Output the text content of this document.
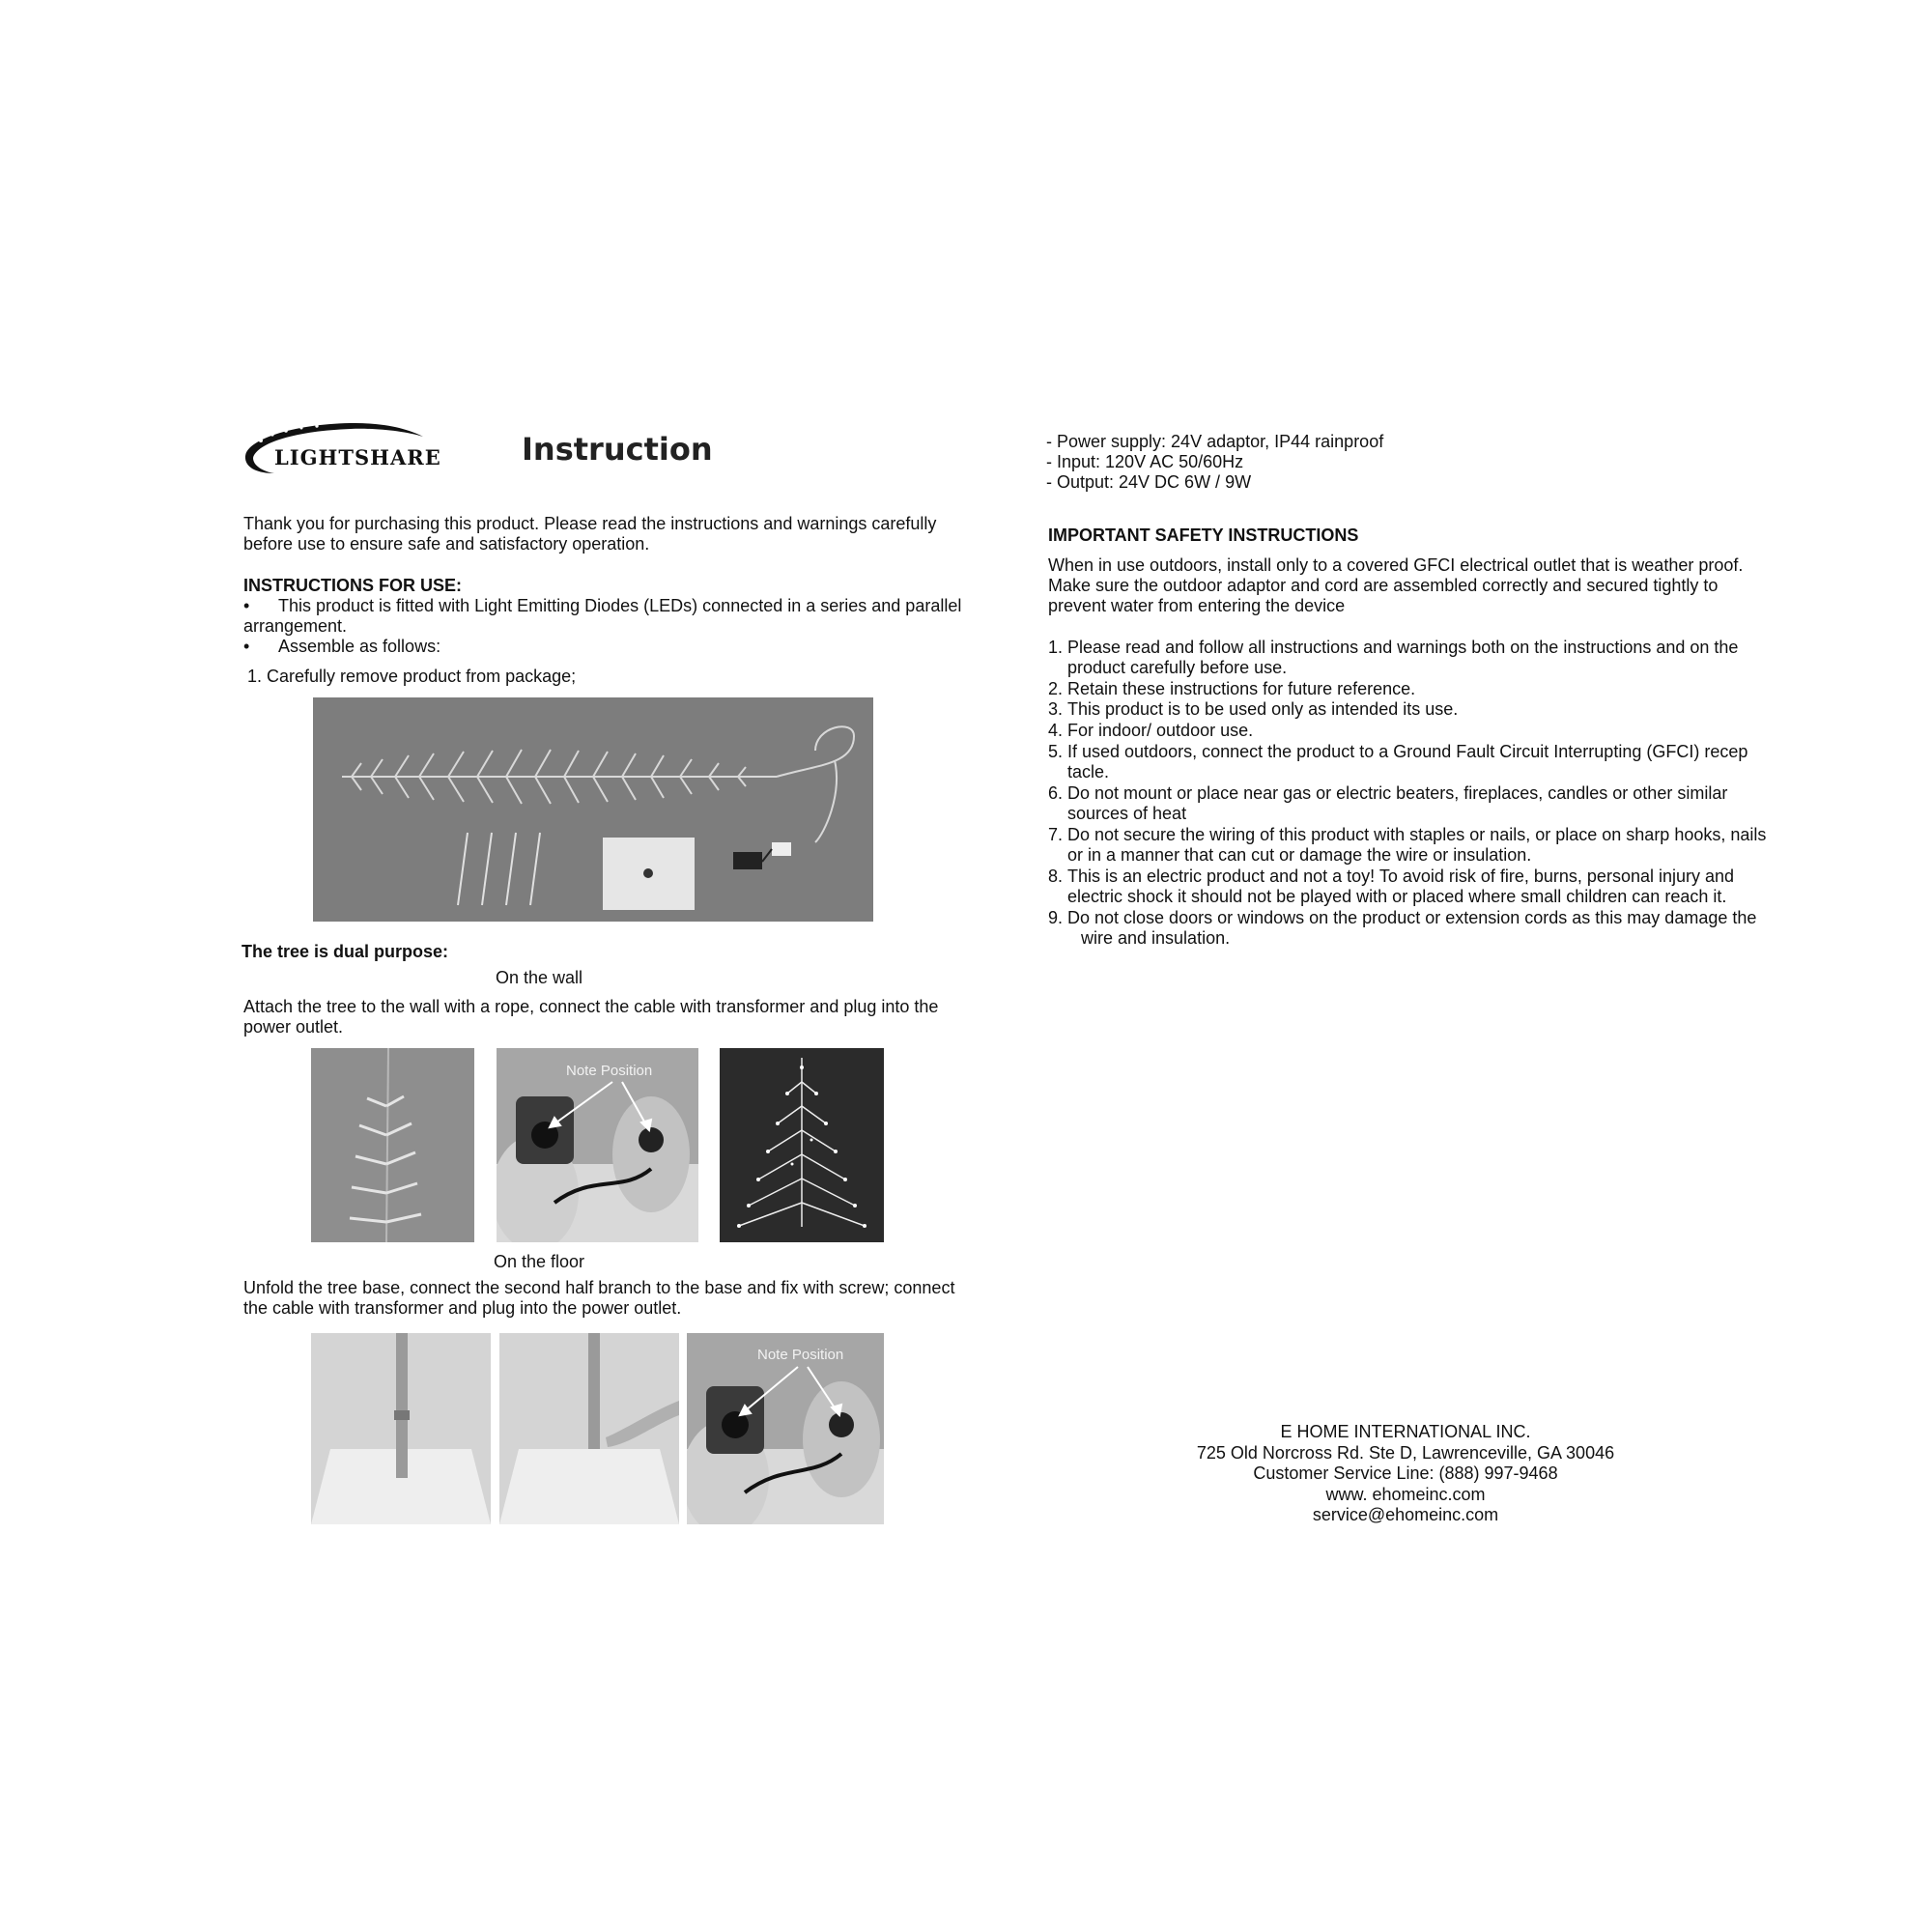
LIGHTSHARE	Instruction
Thank you for purchasing this product. Please read the instructions and warnings carefully
before use to ensure safe and satisfactory operation.
INSTRUCTIONS FOR USE:
• This product is fitted with Light Emitting Diodes (LEDs) connected in a series and parallel
arrangement.
• Assemble as follows:
1. Carefully remove product from package;
The tree is dual purpose:
On the wall
Attach the tree to the wall with a rope, connect the cable with transformer and plug into the
power outlet.
Note Position
On the floor
Unfold the tree base, connect the second half branch to the base and fix with screw; connect
the cable with transformer and plug into the power outlet.
Note Position
- Power supply: 24V adaptor, IP44 rainproof
- Input: 120V AC 50/60Hz
- Output: 24V DC 6W / 9W
IMPORTANT SAFETY INSTRUCTIONS
When in use outdoors, install only to a covered GFCI electrical outlet that is weather proof.
Make sure the outdoor adaptor and cord are assembled correctly and secured tightly to
prevent water from entering the device
1. Please read and follow all instructions and warnings both on the instructions and on the
product carefully before use.
2. Retain these instructions for future reference.
3. This product is to be used only as intended its use.
4. For indoor/ outdoor use.
5. If used outdoors, connect the product to a Ground Fault Circuit Interrupting (GFCI) recep
tacle.
6. Do not mount or place near gas or electric beaters, fireplaces, candles or other similar
sources of heat
7. Do not secure the wiring of this product with staples or nails, or place on sharp hooks, nails
or in a manner that can cut or damage the wire or insulation.
8. This is an electric product and not a toy! To avoid risk of fire, burns, personal injury and
electric shock it should not be played with or placed where small children can reach it.
9. Do not close doors or windows on the product or extension cords as this may damage the
wire and insulation.
E HOME INTERNATIONAL INC.
725 Old Norcross Rd. Ste D, Lawrenceville, GA 30046
Customer Service Line: (888) 997-9468
www. ehomeinc.com
service@ehomeinc.com
